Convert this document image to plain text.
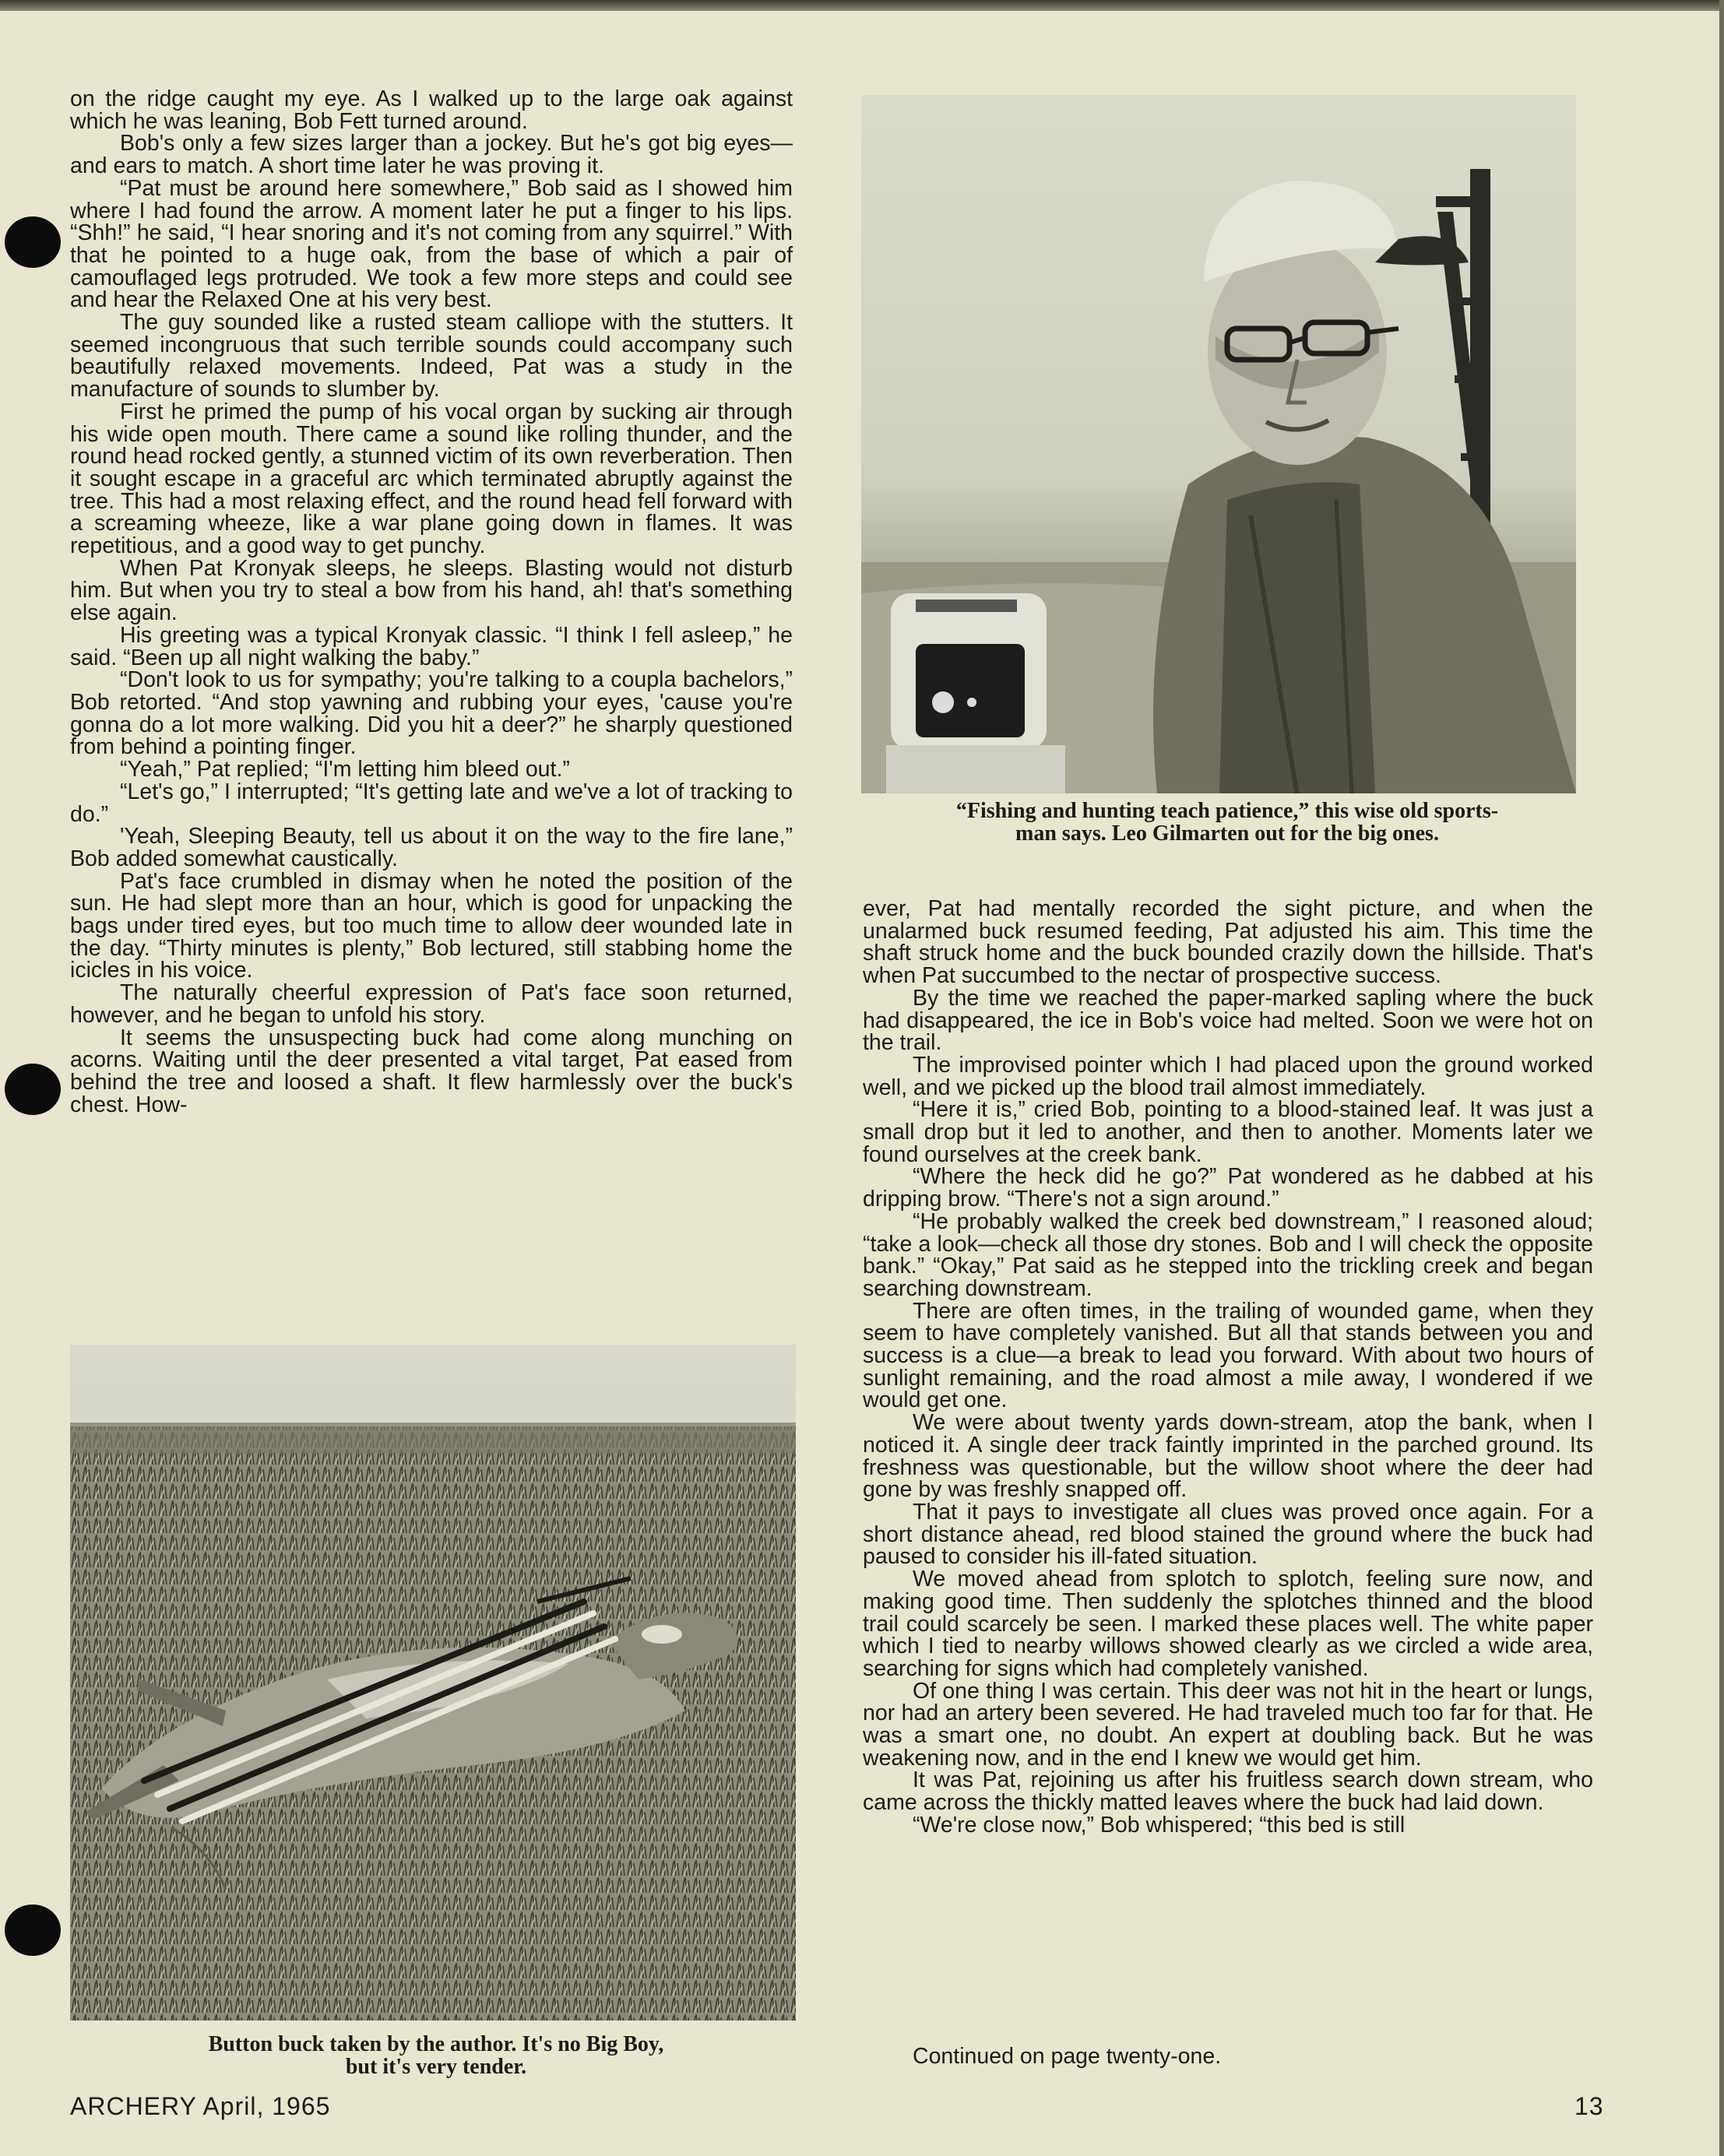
on the ridge caught my eye. As I walked up to the large oak against which he was leaning, Bob Fett turned around.

Bob's only a few sizes larger than a jockey. But he's got big eyes—and ears to match. A short time later he was proving it.

“Pat must be around here somewhere,” Bob said as I showed him where I had found the arrow. A moment later he put a finger to his lips. “Shh!” he said, “I hear snoring and it's not coming from any squirrel.” With that he pointed to a huge oak, from the base of which a pair of camouflaged legs protruded. We took a few more steps and could see and hear the Relaxed One at his very best.

The guy sounded like a rusted steam calliope with the stutters. It seemed incongruous that such terrible sounds could accompany such beautifully relaxed movements. Indeed, Pat was a study in the manufacture of sounds to slumber by.

First he primed the pump of his vocal organ by sucking air through his wide open mouth. There came a sound like rolling thunder, and the round head rocked gently, a stunned victim of its own reverberation. Then it sought escape in a graceful arc which terminated abruptly against the tree. This had a most relaxing effect, and the round head fell forward with a screaming wheeze, like a war plane going down in flames. It was repetitious, and a good way to get punchy.

When Pat Kronyak sleeps, he sleeps. Blasting would not disturb him. But when you try to steal a bow from his hand, ah! that's something else again.

His greeting was a typical Kronyak classic. “I think I fell asleep,” he said. “Been up all night walking the baby.”

“Don't look to us for sympathy; you're talking to a coupla bachelors,” Bob retorted. “And stop yawning and rubbing your eyes, 'cause you're gonna do a lot more walking. Did you hit a deer?” he sharply questioned from behind a pointing finger.

“Yeah,” Pat replied; “I'm letting him bleed out.”

“Let's go,” I interrupted; “It's getting late and we've a lot of tracking to do.”

'Yeah, Sleeping Beauty, tell us about it on the way to the fire lane,” Bob added somewhat caustically.

Pat's face crumbled in dismay when he noted the position of the sun. He had slept more than an hour, which is good for unpacking the bags under tired eyes, but too much time to allow deer wounded late in the day. “Thirty minutes is plenty,” Bob lectured, still stabbing home the icicles in his voice.

The naturally cheerful expression of Pat's face soon returned, however, and he began to unfold his story.

It seems the unsuspecting buck had come along munching on acorns. Waiting until the deer presented a vital target, Pat eased from behind the tree and loosed a shaft. It flew harmlessly over the buck's chest. How-

“Fishing and hunting teach patience,” this wise old sports-
man says. Leo Gilmarten out for the big ones.

ever, Pat had mentally recorded the sight picture, and when the unalarmed buck resumed feeding, Pat adjusted his aim. This time the shaft struck home and the buck bounded crazily down the hillside. That's when Pat succumbed to the nectar of prospective success.

By the time we reached the paper-marked sapling where the buck had disappeared, the ice in Bob's voice had melted. Soon we were hot on the trail.

The improvised pointer which I had placed upon the ground worked well, and we picked up the blood trail almost immediately.

“Here it is,” cried Bob, pointing to a blood-stained leaf. It was just a small drop but it led to another, and then to another. Moments later we found ourselves at the creek bank.

“Where the heck did he go?” Pat wondered as he dabbed at his dripping brow. “There's not a sign around.”

“He probably walked the creek bed downstream,” I reasoned aloud; “take a look—check all those dry stones. Bob and I will check the opposite bank.” “Okay,” Pat said as he stepped into the trickling creek and began searching downstream.

There are often times, in the trailing of wounded game, when they seem to have completely vanished. But all that stands between you and success is a clue—a break to lead you forward. With about two hours of sunlight remaining, and the road almost a mile away, I wondered if we would get one.

We were about twenty yards down-stream, atop the bank, when I noticed it. A single deer track faintly imprinted in the parched ground. Its freshness was questionable, but the willow shoot where the deer had gone by was freshly snapped off.

That it pays to investigate all clues was proved once again. For a short distance ahead, red blood stained the ground where the buck had paused to consider his ill-fated situation.

We moved ahead from splotch to splotch, feeling sure now, and making good time. Then suddenly the splotches thinned and the blood trail could scarcely be seen. I marked these places well. The white paper which I tied to nearby willows showed clearly as we circled a wide area, searching for signs which had completely vanished.

Of one thing I was certain. This deer was not hit in the heart or lungs, nor had an artery been severed. He had traveled much too far for that. He was a smart one, no doubt. An expert at doubling back. But he was weakening now, and in the end I knew we would get him.

It was Pat, rejoining us after his fruitless search down stream, who came across the thickly matted leaves where the buck had laid down.

“We're close now,” Bob whispered; “this bed is still

Continued on page twenty-one.

Button buck taken by the author. It's no Big Boy,
but it's very tender.
ARCHERY April, 1965	13
